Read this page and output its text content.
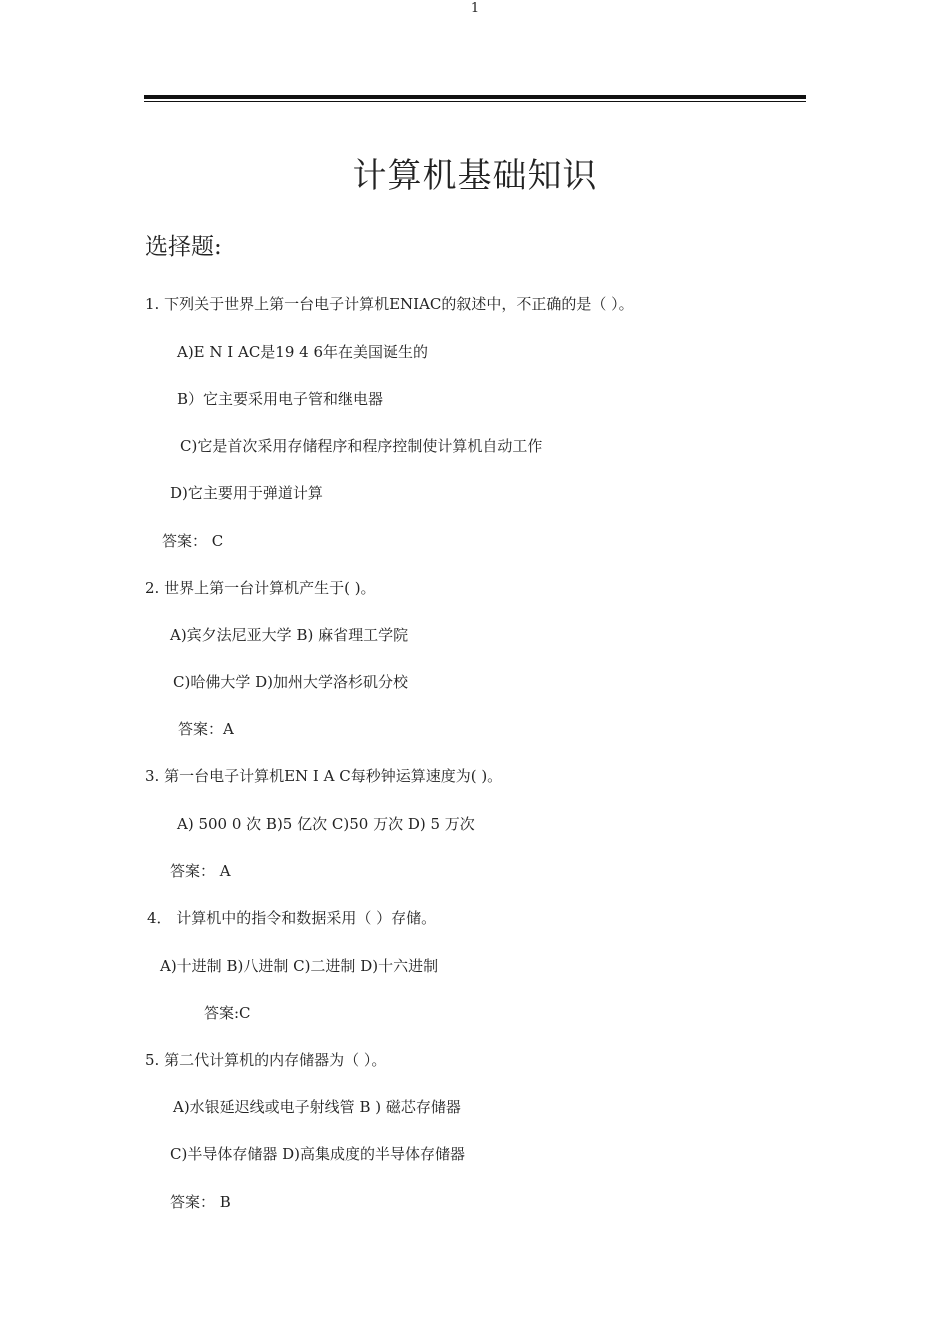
1
计算机基础知识
选择题:
1. 下列关于世界上第一台电子计算机ENIAC的叙述中，不正确的是（ ）。
A)E N I AC是19 4 6年在美国诞生的
B）它主要采用电子管和继电器
C)它是首次采用存储程序和程序控制使计算机自动工作
D)它主要用于弹道计算
答案： C
2. 世界上第一台计算机产生于( )。
A)宾夕法尼亚大学 B) 麻省理工学院
C)哈佛大学 D)加州大学洛杉矶分校
答案：A
3. 第一台电子计算机EN I A C每秒钟运算速度为( )。
A) 500 0 次 B)5 亿次 C)50 万次 D) 5 万次
答案： A
4． 计算机中的指令和数据采用（ ）存储。
A)十进制 B)八进制 C)二进制 D)十六进制
答案:C
5. 第二代计算机的内存储器为（ ）。
A)水银延迟线或电子射线管 B ) 磁芯存储器
C)半导体存储器 D)高集成度的半导体存储器
答案： B
